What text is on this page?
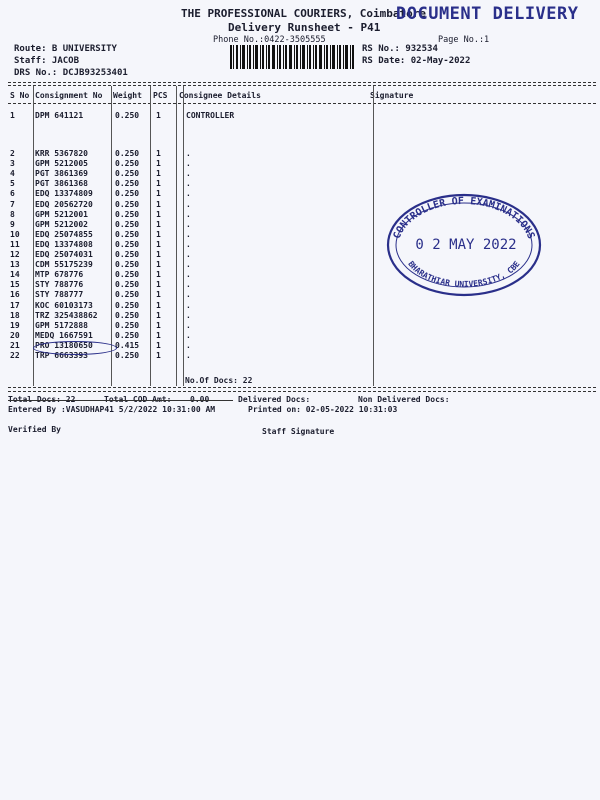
THE PROFESSIONAL COURIERS, Coimbatore
DOCUMENT DELIVERY
Delivery Runsheet - P41
Phone No.:0422-3505555	Page No.:1
Route: B UNIVERSITY
Staff: JACOB
DRS No.: DCJB93253401
RS No.: 932534
RS Date: 02-May-2022
S No Consignment No Weight PCS Consignee Details	Signature
1	DPM 641121	0.250 1	CONTROLLER
2	KRR 5367820	0.250 1	.
3	GPM 5212005	0.250 1	.
4	PGT 3861369	0.250 1	.
5	PGT 3861368	0.250 1	.
6	EDQ 13374809	0.250 1	.
7	EDQ 20562720	0.250 1	.
8	GPM 5212001	0.250 1	.
9	GPM 5212002	0.250 1	.
10 EDQ 25074855	0.250 1	.
11 EDQ 13374808	0.250 1	.
12 EDQ 25074031	0.250 1	.
13 CDM 55175239	0.250 1	.
14 MTP 678776	0.250 1	.
15 STY 788776	0.250 1	.
16 STY 788777	0.250 1	.
17 KOC 60103173	0.250 1	.
18 TRZ 325438862 0.250 1	.
19 GPM 5172888	0.250 1	.
20 MEDQ 1667591	0.250 1	.
21 PRO 13180650	0.415 1	.
22 TRP 6663393	0.250 1	.
No.Of Docs: 22
Total Docs: 22	Total COD Amt: 0.00	Delivered Docs:	Non Delivered Docs:
Entered By :VASUDHAP41 5/2/2022 10:31:00 AM	Printed on: 02-05-2022 10:31:03
Verified By	Staff Signature
CONTROLLER OF EXAMINATIONS
BHARATHIAR UNIVERSITY, CBE
0 2 MAY 2022
